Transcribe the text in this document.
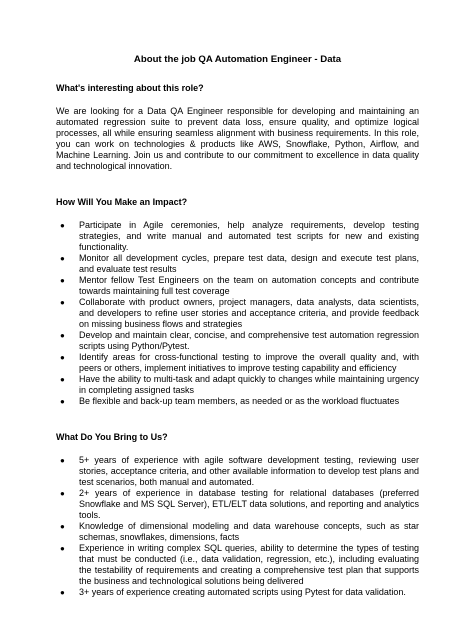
About the job QA Automation Engineer - Data
What's interesting about this role?
We are looking for a Data QA Engineer responsible for developing and maintaining an automated regression suite to prevent data loss, ensure quality, and optimize logical processes, all while ensuring seamless alignment with business requirements. In this role, you can work on technologies & products like AWS, Snowflake, Python, Airflow, and Machine Learning. Join us and contribute to our commitment to excellence in data quality and technological innovation.
How Will You Make an Impact?
● Participate in Agile ceremonies, help analyze requirements, develop testing strategies, and write manual and automated test scripts for new and existing functionality.
● Monitor all development cycles, prepare test data, design and execute test plans, and evaluate test results
● Mentor fellow Test Engineers on the team on automation concepts and contribute towards maintaining full test coverage
● Collaborate with product owners, project managers, data analysts, data scientists, and developers to refine user stories and acceptance criteria, and provide feedback on missing business flows and strategies
● Develop and maintain clear, concise, and comprehensive test automation regression scripts using Python/Pytest.
● Identify areas for cross-functional testing to improve the overall quality and, with peers or others, implement initiatives to improve testing capability and efficiency
● Have the ability to multi-task and adapt quickly to changes while maintaining urgency in completing assigned tasks
● Be flexible and back-up team members, as needed or as the workload fluctuates
What Do You Bring to Us?
● 5+ years of experience with agile software development testing, reviewing user stories, acceptance criteria, and other available information to develop test plans and test scenarios, both manual and automated.
● 2+ years of experience in database testing for relational databases (preferred Snowflake and MS SQL Server), ETL/ELT data solutions, and reporting and analytics tools.
● Knowledge of dimensional modeling and data warehouse concepts, such as star schemas, snowflakes, dimensions, facts
● Experience in writing complex SQL queries, ability to determine the types of testing that must be conducted (i.e., data validation, regression, etc.), including evaluating the testability of requirements and creating a comprehensive test plan that supports the business and technological solutions being delivered
● 3+ years of experience creating automated scripts using Pytest for data validation.
